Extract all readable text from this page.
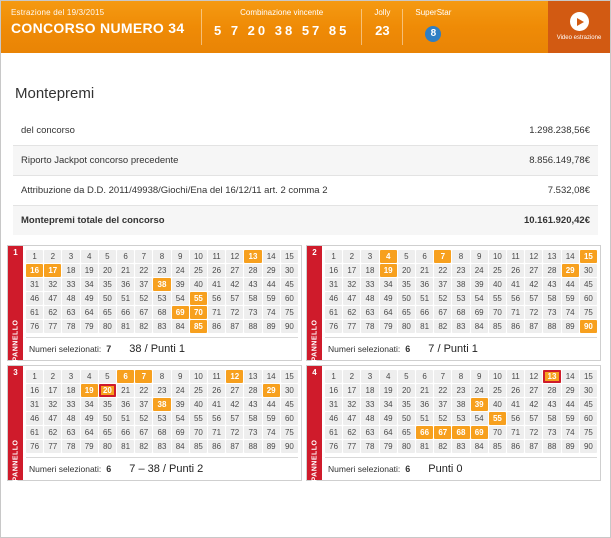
Estrazione del 19/3/2015
CONCORSO NUMERO 34
Combinazione vincente
5 7 20 38 57 85
Jolly
23
SuperStar
8	Video estrazione
Montepremi
del concorso	1.298.238,56€
Riporto Jackpot concorso precedente	8.856.149,78€
Attribuzione da D.D. 2011/49938/Giochi/Ena del 16/12/11 art. 2 comma 2	7.532,08€
Montepremi totale del concorso	10.161.920,42€
1
PANNELLO
1	2	3	4	5	6	7	8	9	10	11	12	13	14	15
16	17	18	19	20	21	22	23	24	25	26	27	28	29	30
31	32	33	34	35	36	37	38	39	40	41	42	43	44	45
46	47	48	49	50	51	52	53	54	55	56	57	58	59	60
61	62	63	64	65	66	67	68	69	70	71	72	73	74	75
76	77	78	79	80	81	82	83	84	85	86	87	88	89	90
Numeri selezionati: 7 38 / Punti 1
2
PANNELLO
1	2	3	4	5	6	7	8	9	10	11	12	13	14	15
16	17	18	19	20	21	22	23	24	25	26	27	28	29	30
31	32	33	34	35	36	37	38	39	40	41	42	43	44	45
46	47	48	49	50	51	52	53	54	55	56	57	58	59	60
61	62	63	64	65	66	67	68	69	70	71	72	73	74	75
76	77	78	79	80	81	82	83	84	85	86	87	88	89	90
Numeri selezionati: 6 7 / Punti 1
3
PANNELLO
1	2	3	4	5	6	7	8	9	10	11	12	13	14	15
16	17	18	19	20	21	22	23	24	25	26	27	28	29	30
31	32	33	34	35	36	37	38	39	40	41	42	43	44	45
46	47	48	49	50	51	52	53	54	55	56	57	58	59	60
61	62	63	64	65	66	67	68	69	70	71	72	73	74	75
76	77	78	79	80	81	82	83	84	85	86	87	88	89	90
Numeri selezionati: 6 7 – 38 / Punti 2
4
PANNELLO
1	2	3	4	5	6	7	8	9	10	11	12	13	14	15
16	17	18	19	20	21	22	23	24	25	26	27	28	29	30
31	32	33	34	35	36	37	38	39	40	41	42	43	44	45
46	47	48	49	50	51	52	53	54	55	56	57	58	59	60
61	62	63	64	65	66	67	68	69	70	71	72	73	74	75
76	77	78	79	80	81	82	83	84	85	86	87	88	89	90
Numeri selezionati: 6 Punti 0
